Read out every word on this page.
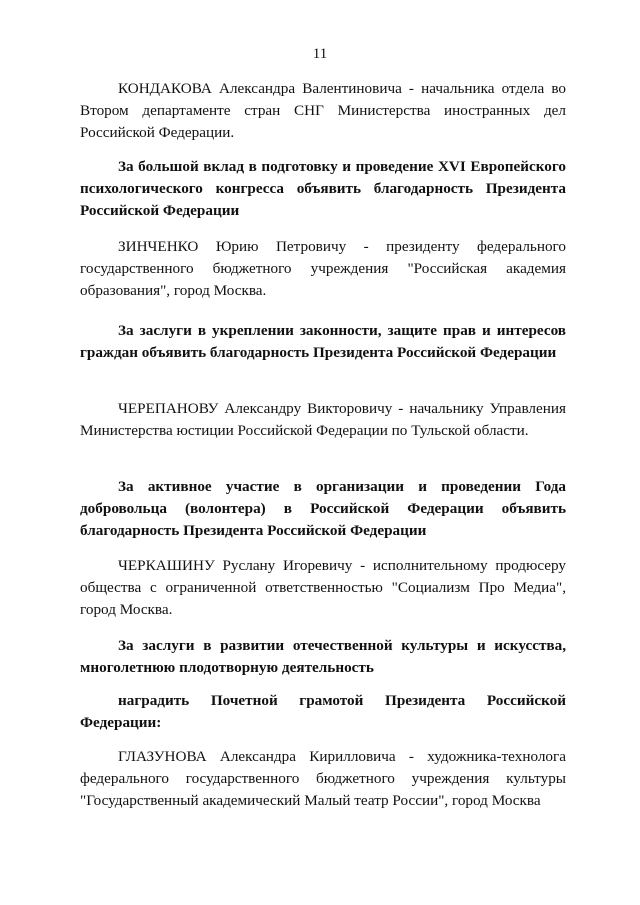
11

КОНДАКОВА Александра Валентиновича - начальника отдела во Втором департаменте стран СНГ Министерства иностранных дел Российской Федерации.

За большой вклад в подготовку и проведение XVI Европейского психологического конгресса объявить благодарность Президента Российской Федерации

ЗИНЧЕНКО Юрию Петровичу - президенту федерального государственного бюджетного учреждения "Российская академия образования", город Москва.

За заслуги в укреплении законности, защите прав и интересов граждан объявить благодарность Президента Российской Федерации

ЧЕРЕПАНОВУ Александру Викторовичу - начальнику Управления Министерства юстиции Российской Федерации по Тульской области.

За активное участие в организации и проведении Года добровольца (волонтера) в Российской Федерации объявить благодарность Президента Российской Федерации

ЧЕРКАШИНУ Руслану Игоревичу - исполнительному продюсеру общества с ограниченной ответственностью "Социализм Про Медиа", город Москва.

За заслуги в развитии отечественной культуры и искусства, многолетнюю плодотворную деятельность

наградить Почетной грамотой Президента Российской Федерации:

ГЛАЗУНОВА Александра Кирилловича - художника-технолога федерального государственного бюджетного учреждения культуры "Государственный академический Малый театр России", город Москва
